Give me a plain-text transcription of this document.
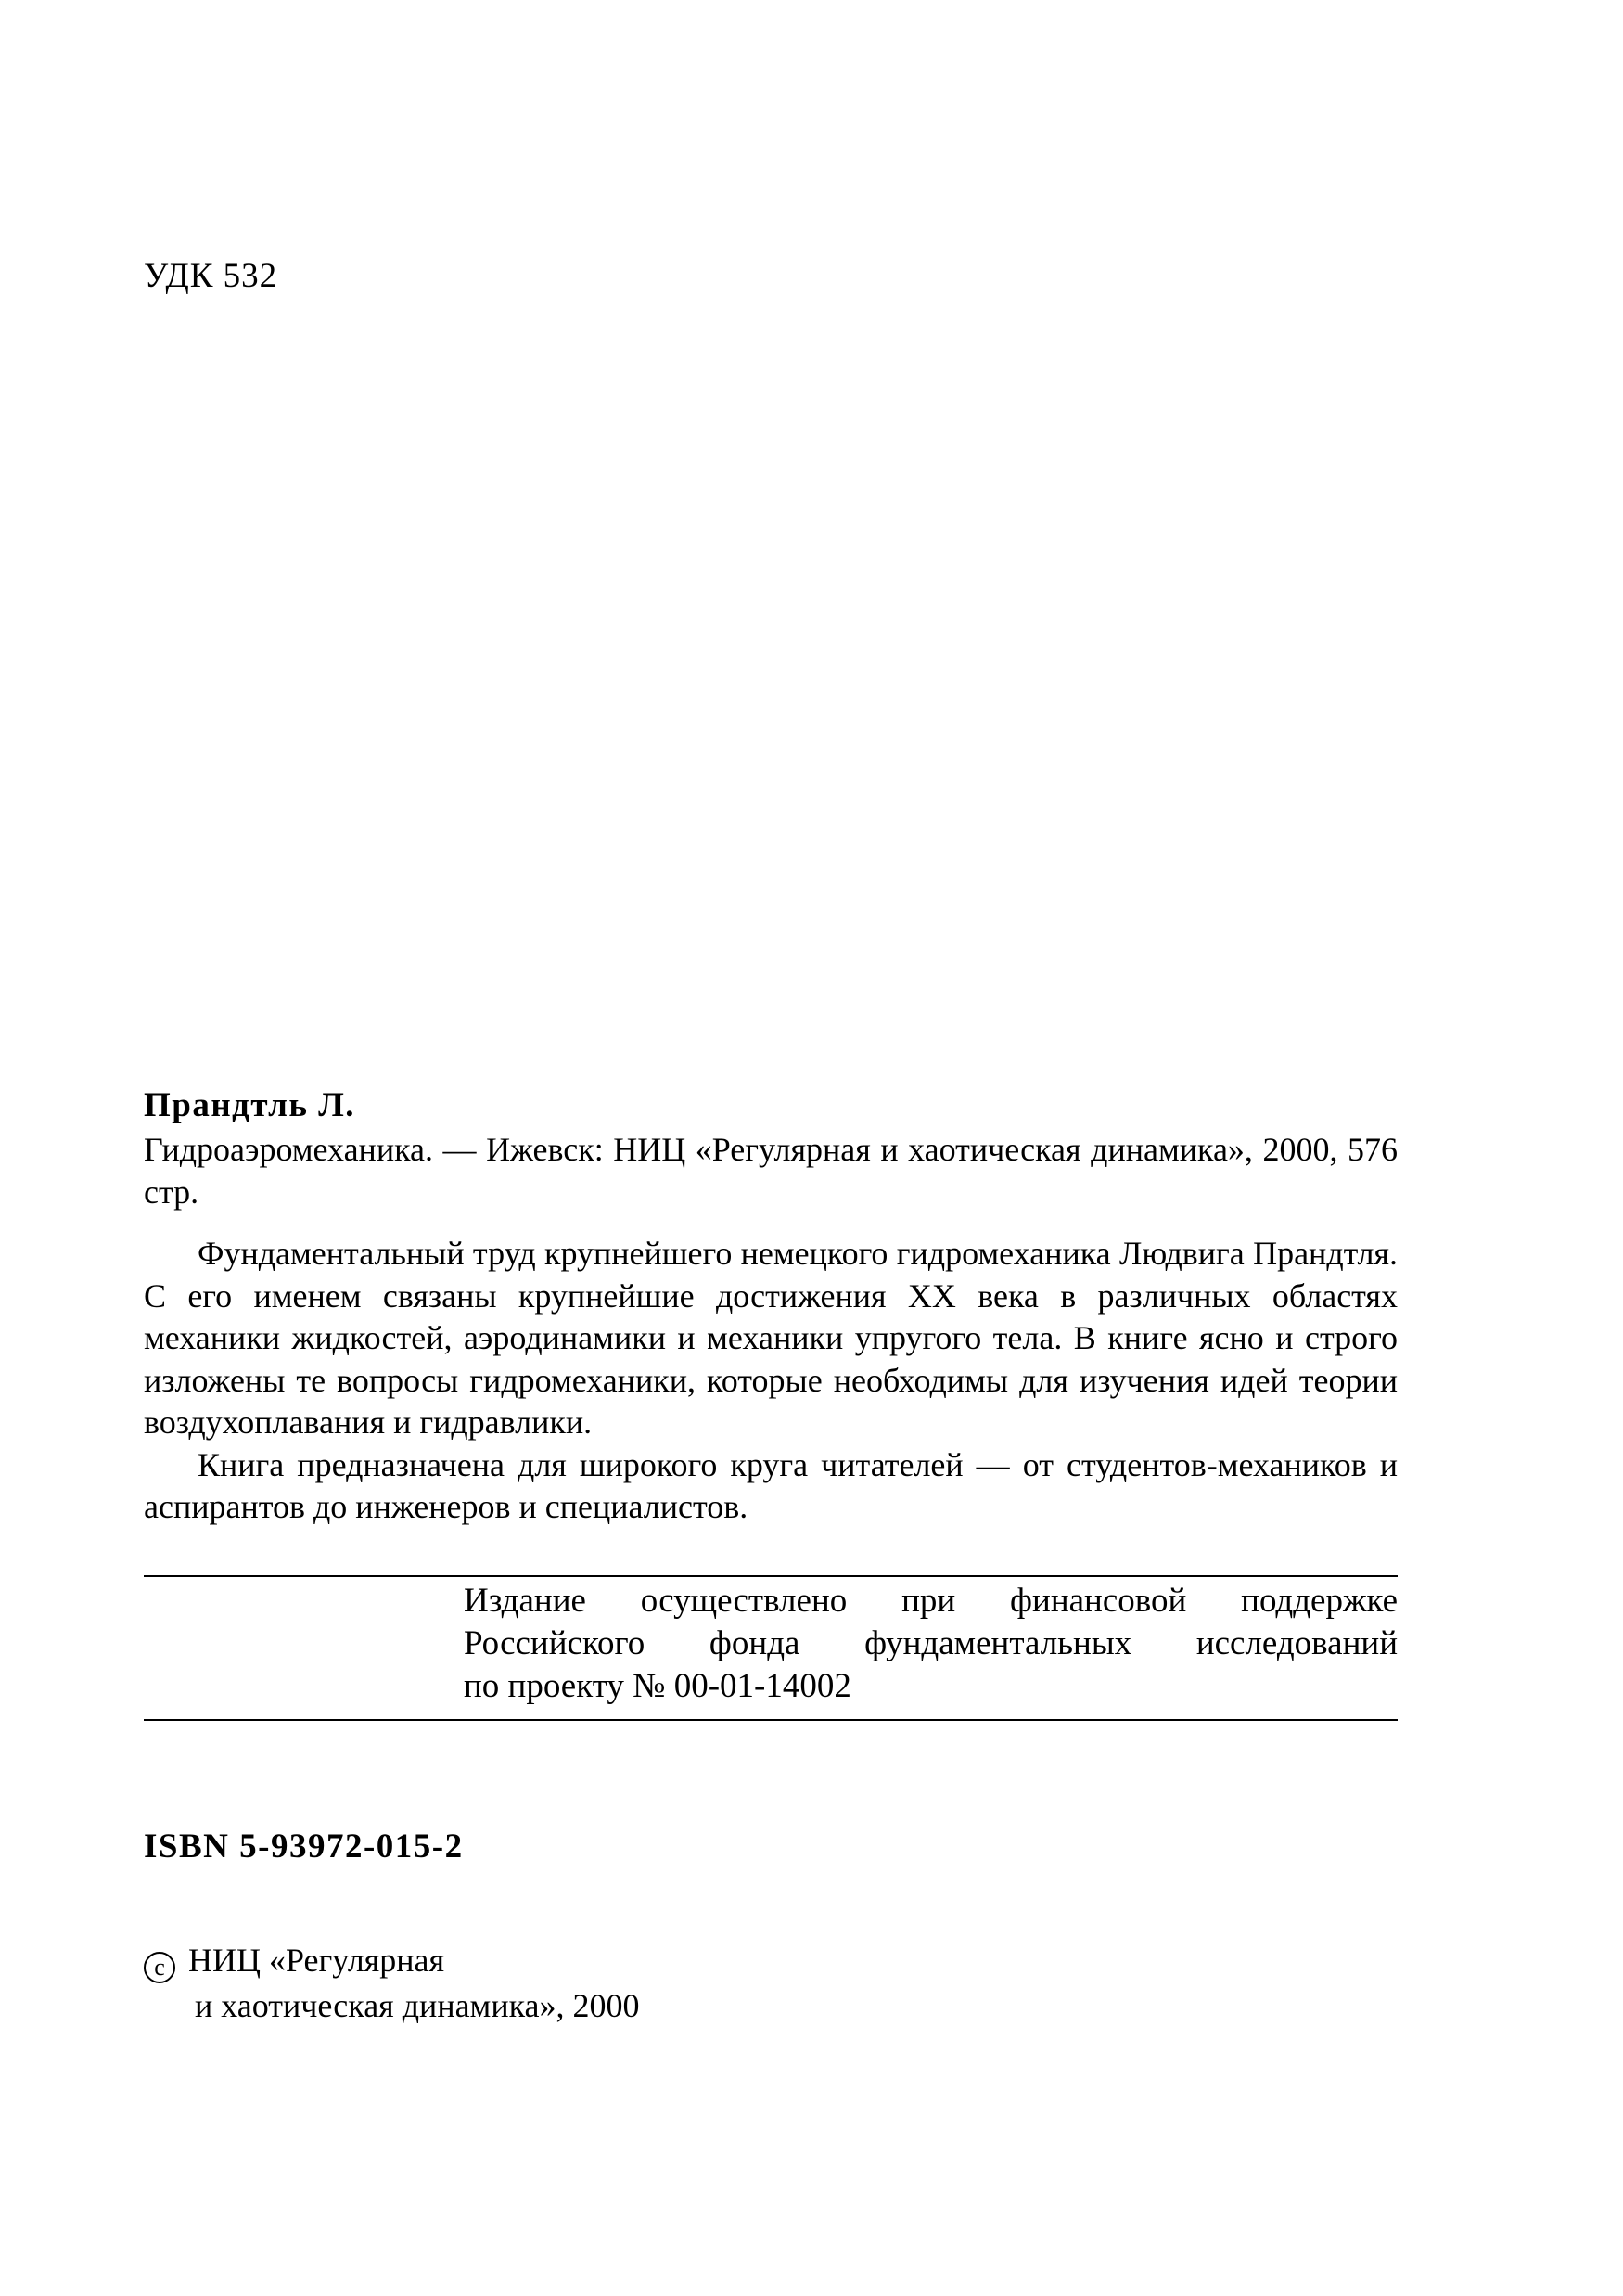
УДК 532
Прандтль Л.
Гидроаэромеханика. — Ижевск: НИЦ «Регулярная и хаотическая динамика», 2000, 576 стр.

Фундаментальный труд крупнейшего немецкого гидромеханика Людвига Прандтля. С его именем связаны крупнейшие достижения XX века в различных областях механики жидкостей, аэродинамики и механики упругого тела. В книге ясно и строго изложены те вопросы гидромеханики, которые необходимы для изучения идей теории воздухоплавания и гидравлики.

Книга предназначена для широкого круга читателей — от студентов-механиков и аспирантов до инженеров и специалистов.

Издание осуществлено при финансовой поддержке
Российского фонда фундаментальных исследований
по проекту № 00-01-14002
ISBN 5-93972-015-2
c НИЦ «Регулярная
и хаотическая динамика», 2000
